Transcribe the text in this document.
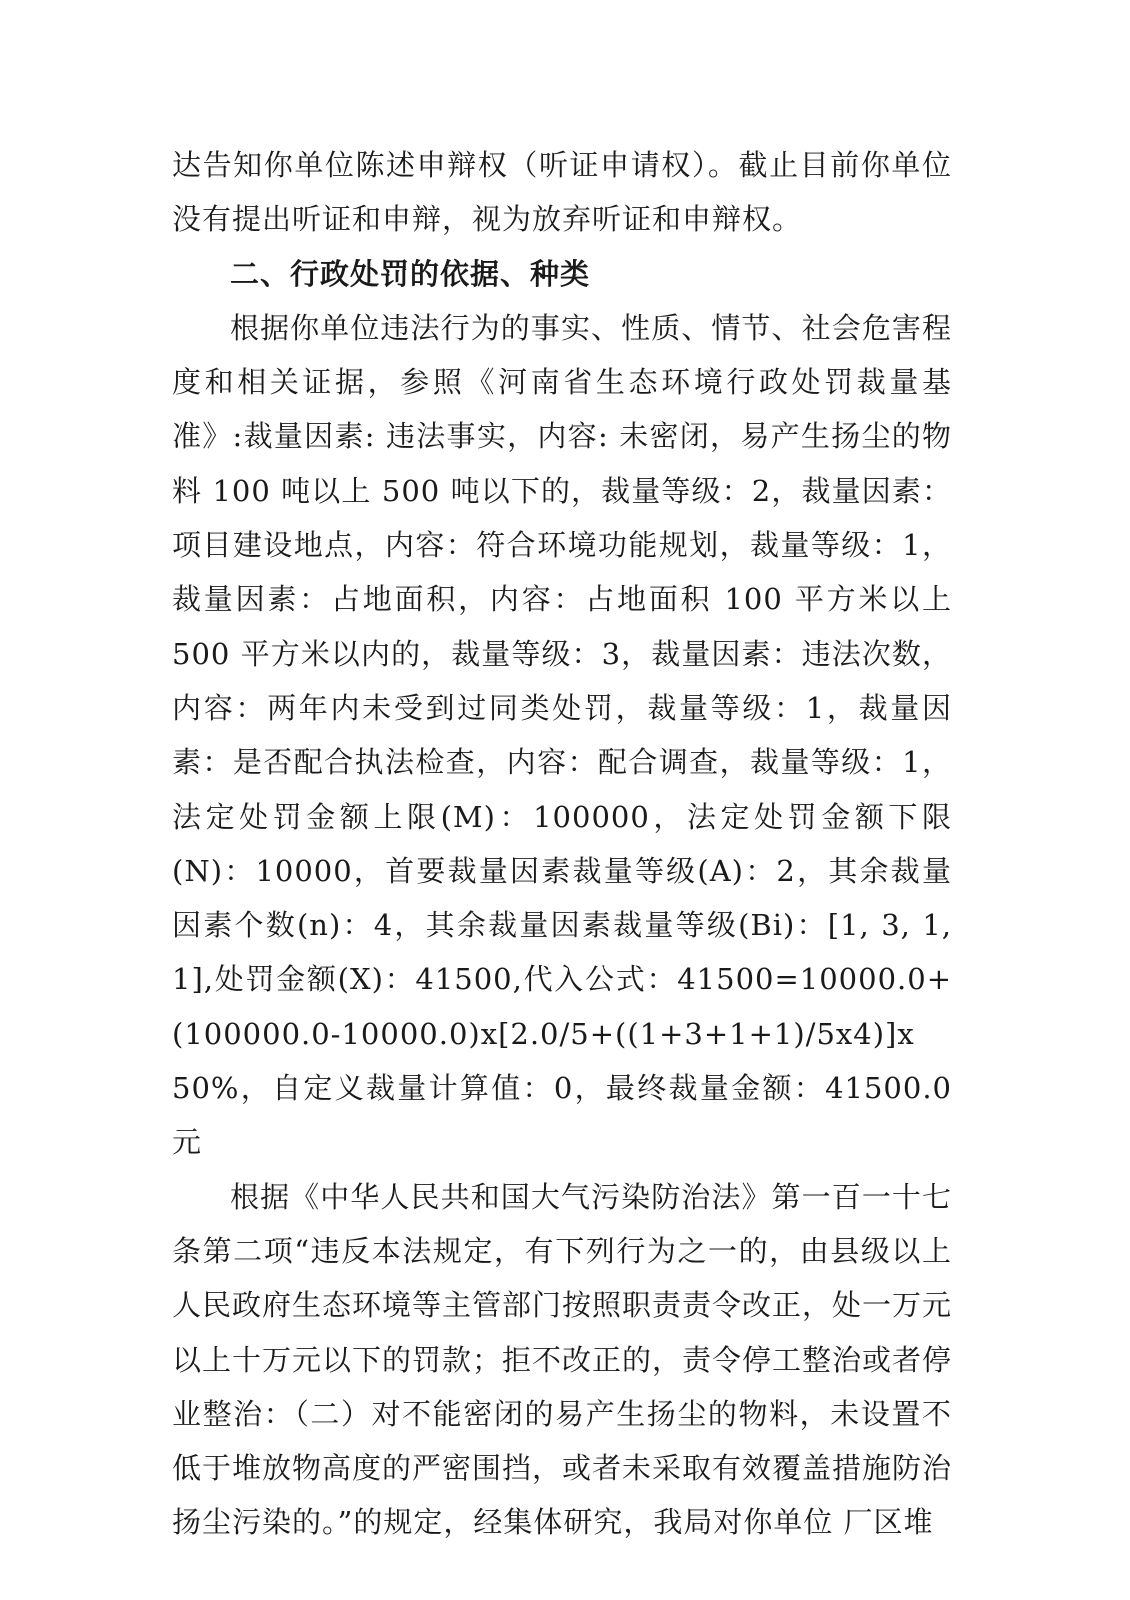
达告知你单位陈述申辩权（听证申请权）。截止目前你单位没有提出听证和申辩，视为放弃听证和申辩权。

二、行政处罚的依据、种类

根据你单位违法行为的事实、性质、情节、社会危害程度和相关证据，参照《河南省生态环境行政处罚裁量基准》:裁量因素: 违法事实，内容: 未密闭，易产生扬尘的物料 100 吨以上 500 吨以下的，裁量等级：2，裁量因素：项目建设地点，内容：符合环境功能规划，裁量等级：1，裁量因素：占地面积，内容：占地面积 100 平方米以上 500 平方米以内的，裁量等级：3，裁量因素：违法次数，内容：两年内未受到过同类处罚，裁量等级：1，裁量因素：是否配合执法检查，内容：配合调查，裁量等级：1，法定处罚金额上限(M)：100000，法定处罚金额下限(N)：10000，首要裁量因素裁量等级(A)：2，其余裁量因素个数(n)：4，其余裁量因素裁量等级(Bi)：[1, 3, 1, 1],处罚金额(X)：41500,代入公式：41500=10000.0+(100000.0-10000.0)x[2.0/5+((1+3+1+1)/5x4)]x 50%，自定义裁量计算值：0，最终裁量金额：41500.0 元

根据《中华人民共和国大气污染防治法》第一百一十七条第二项“违反本法规定，有下列行为之一的，由县级以上人民政府生态环境等主管部门按照职责责令改正，处一万元以上十万元以下的罚款；拒不改正的，责令停工整治或者停业整治：（二）对不能密闭的易产生扬尘的物料，未设置不低于堆放物高度的严密围挡，或者未采取有效覆盖措施防治扬尘污染的。”的规定，经集体研究，我局对你单位 厂区堆
